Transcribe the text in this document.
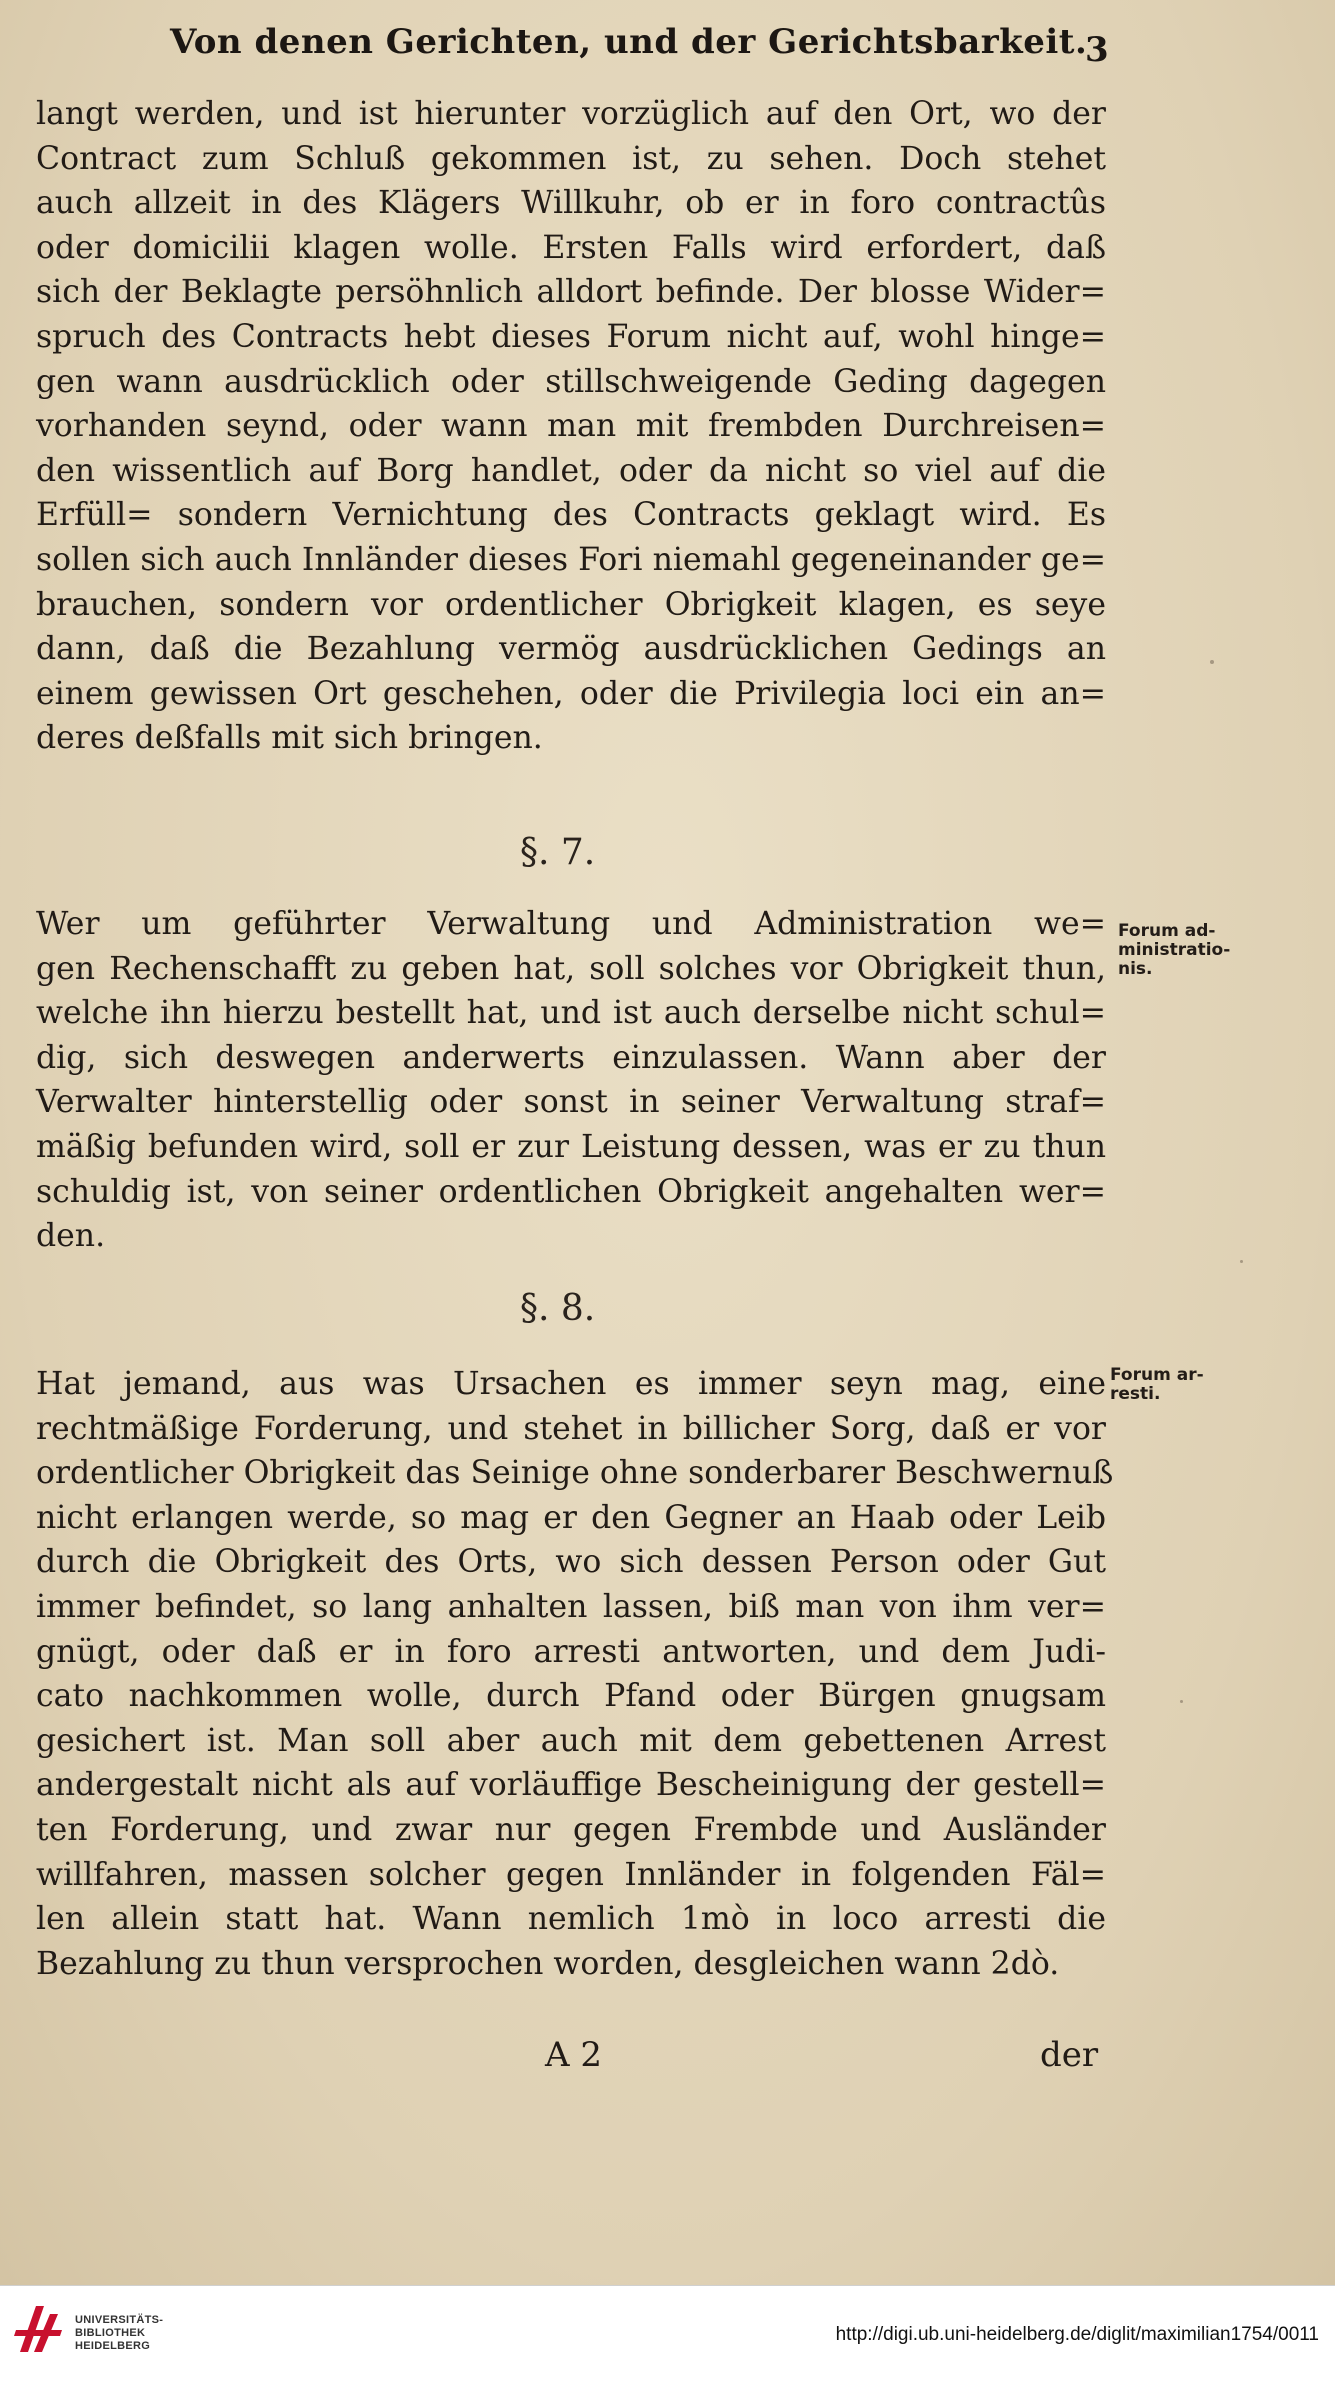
Von denen Gerichten, und der Gerichtsbarkeit.
3
langt werden, und ist hierunter vorzüglich auf den Ort, wo der
Contract zum Schluß gekommen ist, zu sehen. Doch stehet
auch allzeit in des Klägers Willkuhr, ob er in foro contractûs
oder domicilii klagen wolle. Ersten Falls wird erfordert, daß
sich der Beklagte persöhnlich alldort befinde. Der blosse Wider=
spruch des Contracts hebt dieses Forum nicht auf, wohl hinge=
gen wann ausdrücklich oder stillschweigende Geding dagegen
vorhanden seynd, oder wann man mit frembden Durchreisen=
den wissentlich auf Borg handlet, oder da nicht so viel auf die
Erfüll= sondern Vernichtung des Contracts geklagt wird. Es
sollen sich auch Innländer dieses Fori niemahl gegeneinander ge=
brauchen, sondern vor ordentlicher Obrigkeit klagen, es seye
dann, daß die Bezahlung vermög ausdrücklichen Gedings an
einem gewissen Ort geschehen, oder die Privilegia loci ein an=
deres deßfalls mit sich bringen.
§. 7.
Wer um geführter Verwaltung und Administration we=
gen Rechenschafft zu geben hat, soll solches vor Obrigkeit thun,
welche ihn hierzu bestellt hat, und ist auch derselbe nicht schul=
dig, sich deswegen anderwerts einzulassen. Wann aber der
Verwalter hinterstellig oder sonst in seiner Verwaltung straf=
mäßig befunden wird, soll er zur Leistung dessen, was er zu thun
schuldig ist, von seiner ordentlichen Obrigkeit angehalten wer=
den.
Forum ad-
ministratio-
nis.
§. 8.
Hat jemand, aus was Ursachen es immer seyn mag, eine
rechtmäßige Forderung, und stehet in billicher Sorg, daß er vor
ordentlicher Obrigkeit das Seinige ohne sonderbarer Beschwernuß
nicht erlangen werde, so mag er den Gegner an Haab oder Leib
durch die Obrigkeit des Orts, wo sich dessen Person oder Gut
immer befindet, so lang anhalten lassen, biß man von ihm ver=
gnügt, oder daß er in foro arresti antworten, und dem Judi-
cato nachkommen wolle, durch Pfand oder Bürgen gnugsam
gesichert ist. Man soll aber auch mit dem gebettenen Arrest
andergestalt nicht als auf vorläuffige Bescheinigung der gestell=
ten Forderung, und zwar nur gegen Frembde und Ausländer
willfahren, massen solcher gegen Innländer in folgenden Fäl=
len allein statt hat. Wann nemlich 1mò in loco arresti die
Bezahlung zu thun versprochen worden, desgleichen wann 2dò.
Forum ar-
resti.
A 2	der
UNIVERSITÄTS-
BIBLIOTHEK
HEIDELBERG
http://digi.ub.uni-heidelberg.de/diglit/maximilian1754/0011
